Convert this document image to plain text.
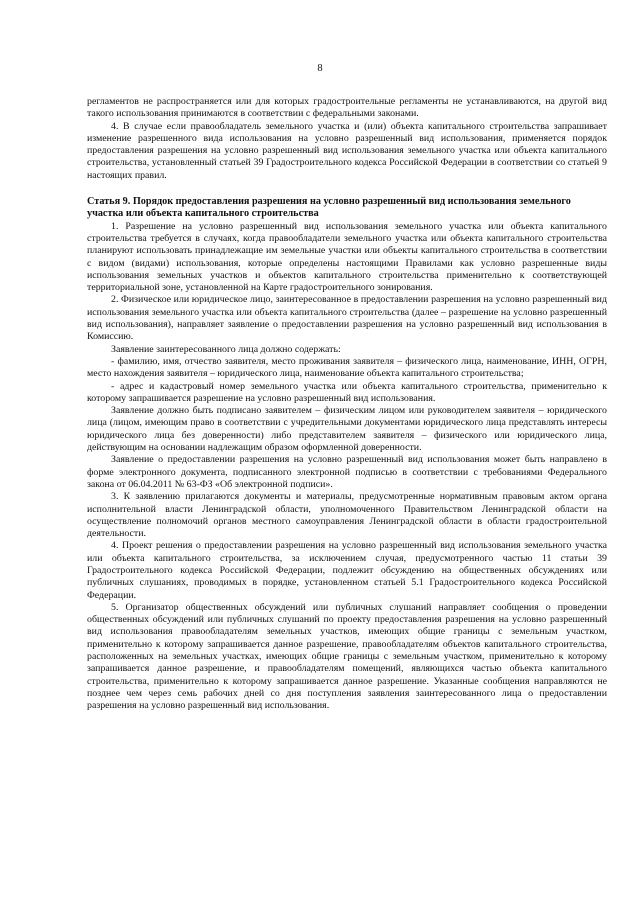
8

регламентов не распространяется или для которых градостроительные регламенты не устанавливаются, на другой вид такого использования принимаются в соответствии с федеральными законами.

4. В случае если правообладатель земельного участка и (или) объекта капитального строительства запрашивает изменение разрешенного вида использования на условно разрешенный вид использования, применяется порядок предоставления разрешения на условно разрешенный вид использования земельного участка или объекта капитального строительства, установленный статьей 39 Градостроительного кодекса Российской Федерации в соответствии со статьей 9 настоящих правил.

Статья 9. Порядок предоставления разрешения на условно разрешенный вид использования земельного участка или объекта капитального строительства

1. Разрешение на условно разрешенный вид использования земельного участка или объекта капитального строительства требуется в случаях, когда правообладатели земельного участка или объекта капитального строительства планируют использовать принадлежащие им земельные участки или объекты капитального строительства в соответствии с видом (видами) использования, которые определены настоящими Правилами как условно разрешенные виды использования земельных участков и объектов капитального строительства применительно к соответствующей территориальной зоне, установленной на Карте градостроительного зонирования.

2. Физическое или юридическое лицо, заинтересованное в предоставлении разрешения на условно разрешенный вид использования земельного участка или объекта капитального строительства (далее – разрешение на условно разрешенный вид использования), направляет заявление о предоставлении разрешения на условно разрешенный вид использования в Комиссию.

Заявление заинтересованного лица должно содержать:

- фамилию, имя, отчество заявителя, место проживания заявителя – физического лица, наименование, ИНН, ОГРН, место нахождения заявителя – юридического лица, наименование объекта капитального строительства;

- адрес и кадастровый номер земельного участка или объекта капитального строительства, применительно к которому запрашивается разрешение на условно разрешенный вид использования.

Заявление должно быть подписано заявителем – физическим лицом или руководителем заявителя – юридического лица (лицом, имеющим право в соответствии с учредительными документами юридического лица представлять интересы юридического лица без доверенности) либо представителем заявителя – физического или юридического лица, действующим на основании надлежащим образом оформленной доверенности.

Заявление о предоставлении разрешения на условно разрешенный вид использования может быть направлено в форме электронного документа, подписанного электронной подписью в соответствии с требованиями Федерального закона от 06.04.2011 № 63-ФЗ «Об электронной подписи».

3. К заявлению прилагаются документы и материалы, предусмотренные нормативным правовым актом органа исполнительной власти Ленинградской области, уполномоченного Правительством Ленинградской области на осуществление полномочий органов местного самоуправления Ленинградской области в области градостроительной деятельности.

4. Проект решения о предоставлении разрешения на условно разрешенный вид использования земельного участка или объекта капитального строительства, за исключением случая, предусмотренного частью 11 статьи 39 Градостроительного кодекса Российской Федерации, подлежит обсуждению на общественных обсуждениях или публичных слушаниях, проводимых в порядке, установленном статьей 5.1 Градостроительного кодекса Российской Федерации.

5. Организатор общественных обсуждений или публичных слушаний направляет сообщения о проведении общественных обсуждений или публичных слушаний по проекту предоставления разрешения на условно разрешенный вид использования правообладателям земельных участков, имеющих общие границы с земельным участком, применительно к которому запрашивается данное разрешение, правообладателям объектов капитального строительства, расположенных на земельных участках, имеющих общие границы с земельным участком, применительно к которому запрашивается данное разрешение, и правообладателям помещений, являющихся частью объекта капитального строительства, применительно к которому запрашивается данное разрешение. Указанные сообщения направляются не позднее чем через семь рабочих дней со дня поступления заявления заинтересованного лица о предоставлении разрешения на условно разрешенный вид использования.
